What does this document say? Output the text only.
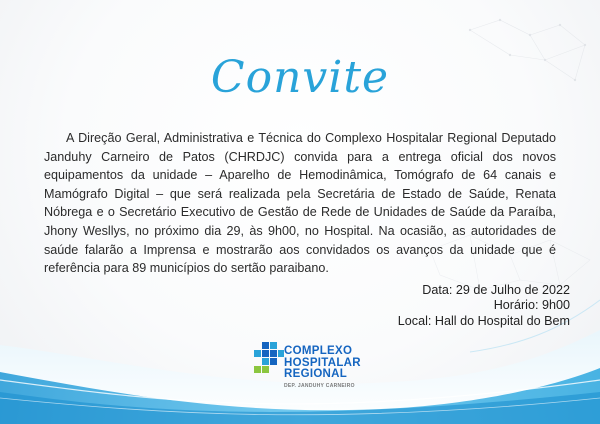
Convite

A Direção Geral, Administrativa e Técnica do Complexo Hospitalar Regional Deputado Janduhy Carneiro de Patos (CHRDJC) convida para a entrega oficial dos novos equipamentos da unidade – Aparelho de Hemodinâmica, Tomógrafo de 64 canais e Mamógrafo Digital – que será realizada pela Secretária de Estado de Saúde, Renata Nóbrega e o Secretário Executivo de Gestão de Rede de Unidades de Saúde da Paraíba, Jhony Wesllys, no próximo dia 29, às 9h00, no Hospital. Na ocasião, as autoridades de saúde falarão a Imprensa e mostrarão aos convidados os avanços da unidade que é referência para 89 municípios do sertão paraibano.

Data: 29 de Julho de 2022
Horário: 9h00
Local: Hall do Hospital do Bem
COMPLEXO
HOSPITALAR
REGIONAL
DEP. JANDUHY CARNEIRO
